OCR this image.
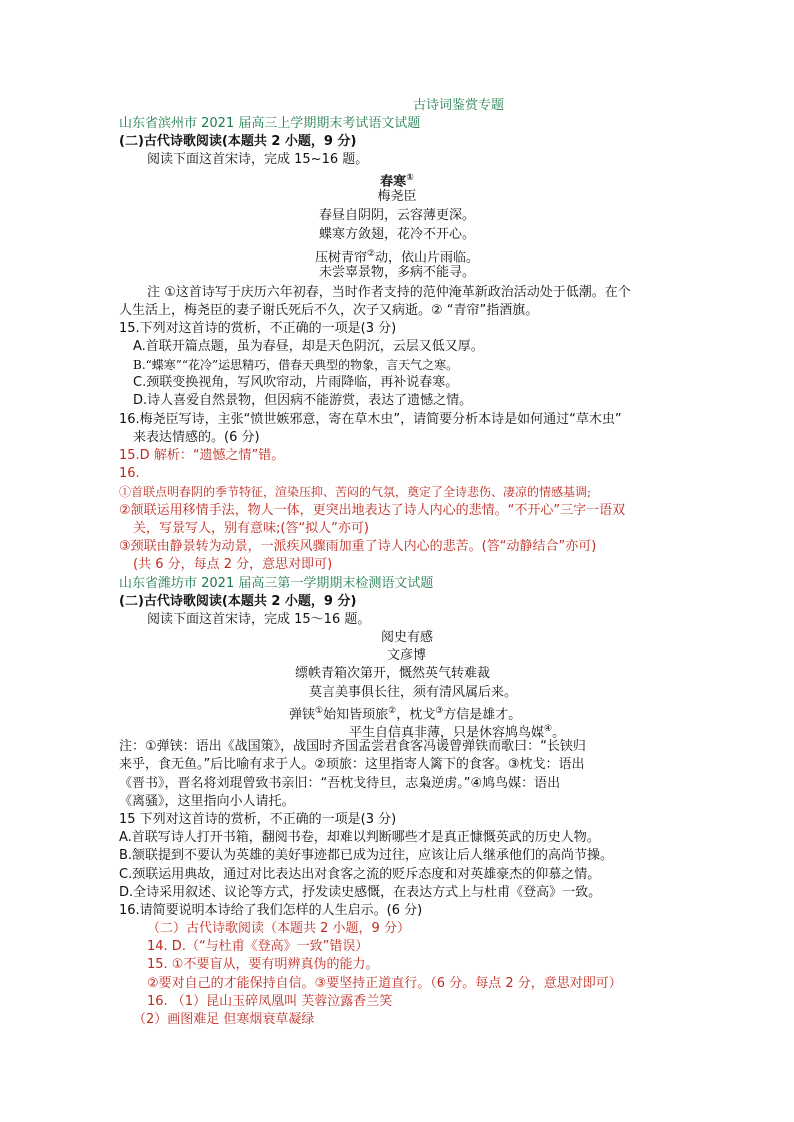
古诗词鉴赏专题
山东省滨州市 2021 届高三上学期期末考试语文试题
(二)古代诗歌阅读(本题共 2 小题，9 分)
阅读下面这首宋诗，完成 15~16 题。
春寒①
梅尧臣
春昼自阴阴，云容薄更深。
蝶寒方敛翅，花冷不开心。
压树青帘②动，依山片雨临。
未尝辜景物，多病不能寻。
注 ①这首诗写于庆历六年初春，当时作者支持的范仲淹革新政治活动处于低潮。在个
人生活上，梅尧臣的妻子谢氏死后不久，次子又病逝。② “青帘”指酒旗。
15.下列对这首诗的赏析，不正确的一项是(3 分)
A.首联开篇点题，虽为春昼，却是天色阴沉，云层又低又厚。
B.“蝶寒”“花冷”运思精巧，借春天典型的物象，言天气之寒。
C.颈联变换视角，写风吹帘动，片雨降临，再补说春寒。
D.诗人喜爱自然景物，但因病不能游赏，表达了遗憾之情。
16.梅尧臣写诗，主张“愤世嫉邪意，寄在草木虫”，请简要分析本诗是如何通过“草木虫”
来表达情感的。(6 分)
15.D 解析：“遗憾之情”错。
16.
①首联点明春阴的季节特征，渲染压抑、苦闷的气氛，奠定了全诗悲伤、凄凉的情感基调;
②颔联运用移情手法，物人一体，更突出地表达了诗人内心的悲情。“不开心”三字一语双
关，写景写人，别有意味;(答“拟人”亦可)
③颈联由静景转为动景，一派疾风骤雨加重了诗人内心的悲苦。(答“动静结合”亦可)
(共 6 分，每点 2 分，意思对即可)
山东省潍坊市 2021 届高三第一学期期末检测语文试题
(二)古代诗歌阅读(本题共 2 小题，9 分)
阅读下面这首宋诗，完成 15～16 题。
阅史有感
文彦博
缥帙青箱次第开，慨然英气转难裁
莫言美事俱长往，须有清风属后来。
弹铗①始知皆顼旅②，枕戈③方信是雄才。
平生自信真非薄，只是休容鸠鸟媒④。
注：①弹铗：语出《战国策》，战国时齐国孟尝君食客冯谖曾弹铁而歌曰：“长铗归
来乎，食无鱼。”后比喻有求于人。②顼旅：这里指寄人篱下的食客。③枕戈：语出
《晋书》，晋名将刘琨曾致书亲旧：“吾枕戈待旦，志枭逆虏。”④鸠鸟媒：语出
《离骚》，这里指向小人请托。
15 下列对这首诗的赏析，不正确的一项是(3 分)
A.首联写诗人打开书箱，翻阅书卷，却难以判断哪些才是真正慷慨英武的历史人物。
B.颔联提到不要认为英雄的美好事迹都已成为过往，应该让后人继承他们的高尚节操。
C.颈联运用典故，通过对比表达出对食客之流的贬斥态度和对英雄豪杰的仰慕之情。
D.全诗采用叙述、议论等方式，抒发读史感慨，在表达方式上与杜甫《登高》一致。
16.请简要说明本诗给了我们怎样的人生启示。(6 分)
（二）古代诗歌阅读（本题共 2 小题，9 分）
14. D.（“与杜甫《登高》一致”错误）
15. ①不要盲从，要有明辨真伪的能力。
②要对自己的才能保持自信。③要坚持正道直行。（6 分。每点 2 分，意思对即可）
16. （1）昆山玉碎凤凰叫 芙蓉泣露香兰笑
（2）画图难足 但寒烟衰草凝绿
